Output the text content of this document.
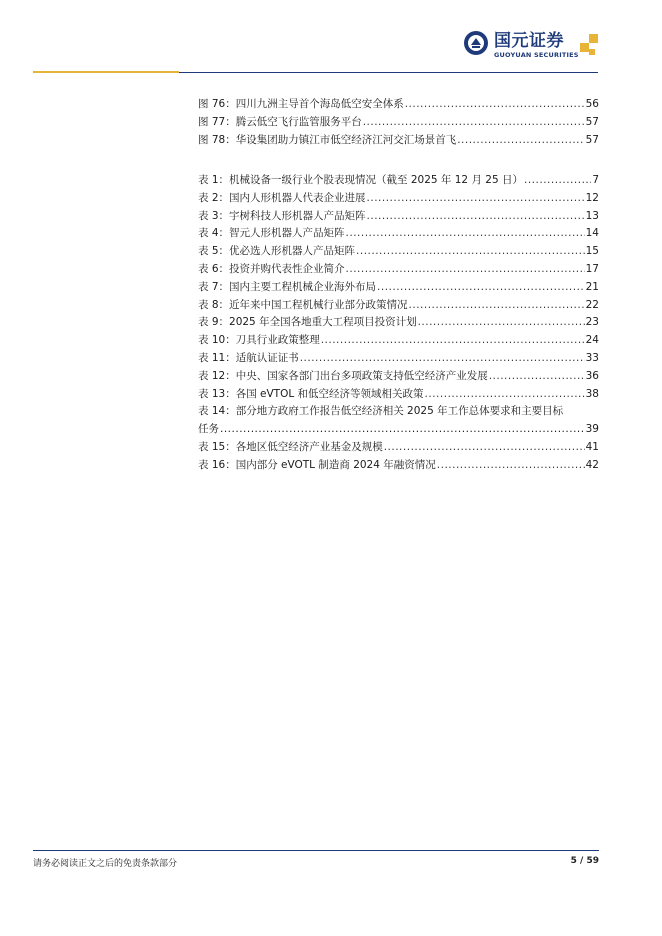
国元证券
GUOYUAN SECURITIES
图 76：四川九洲主导首个海岛低空安全体系 .....	56
图 77：腾云低空飞行监管服务平台 .....	57
图 78：华设集团助力镇江市低空经济江河交汇场景首飞 .....	57
表 1：机械设备一级行业个股表现情况（截至 2025 年 12 月 25 日） .....	7
表 2：国内人形机器人代表企业进展 .....	12
表 3：宇树科技人形机器人产品矩阵 .....	13
表 4：智元人形机器人产品矩阵 .....	14
表 5：优必选人形机器人产品矩阵 .....	15
表 6：投资并购代表性企业简介 .....	17
表 7：国内主要工程机械企业海外布局 .....	21
表 8：近年来中国工程机械行业部分政策情况 .....	22
表 9：2025 年全国各地重大工程项目投资计划 .....	23
表 10：刀具行业政策整理 .....	24
表 11：适航认证证书 .....	33
表 12：中央、国家各部门出台多项政策支持低空经济产业发展 .....	36
表 13：各国 eVTOL 和低空经济等领域相关政策 .....	38
表 14：部分地方政府工作报告低空经济相关 2025 年工作总体要求和主要目标
任务 .....	39
表 15：各地区低空经济产业基金及规模 .....	41
表 16：国内部分 eVOTL 制造商 2024 年融资情况 .....	42
请务必阅读正文之后的免责条款部分	5 / 59
